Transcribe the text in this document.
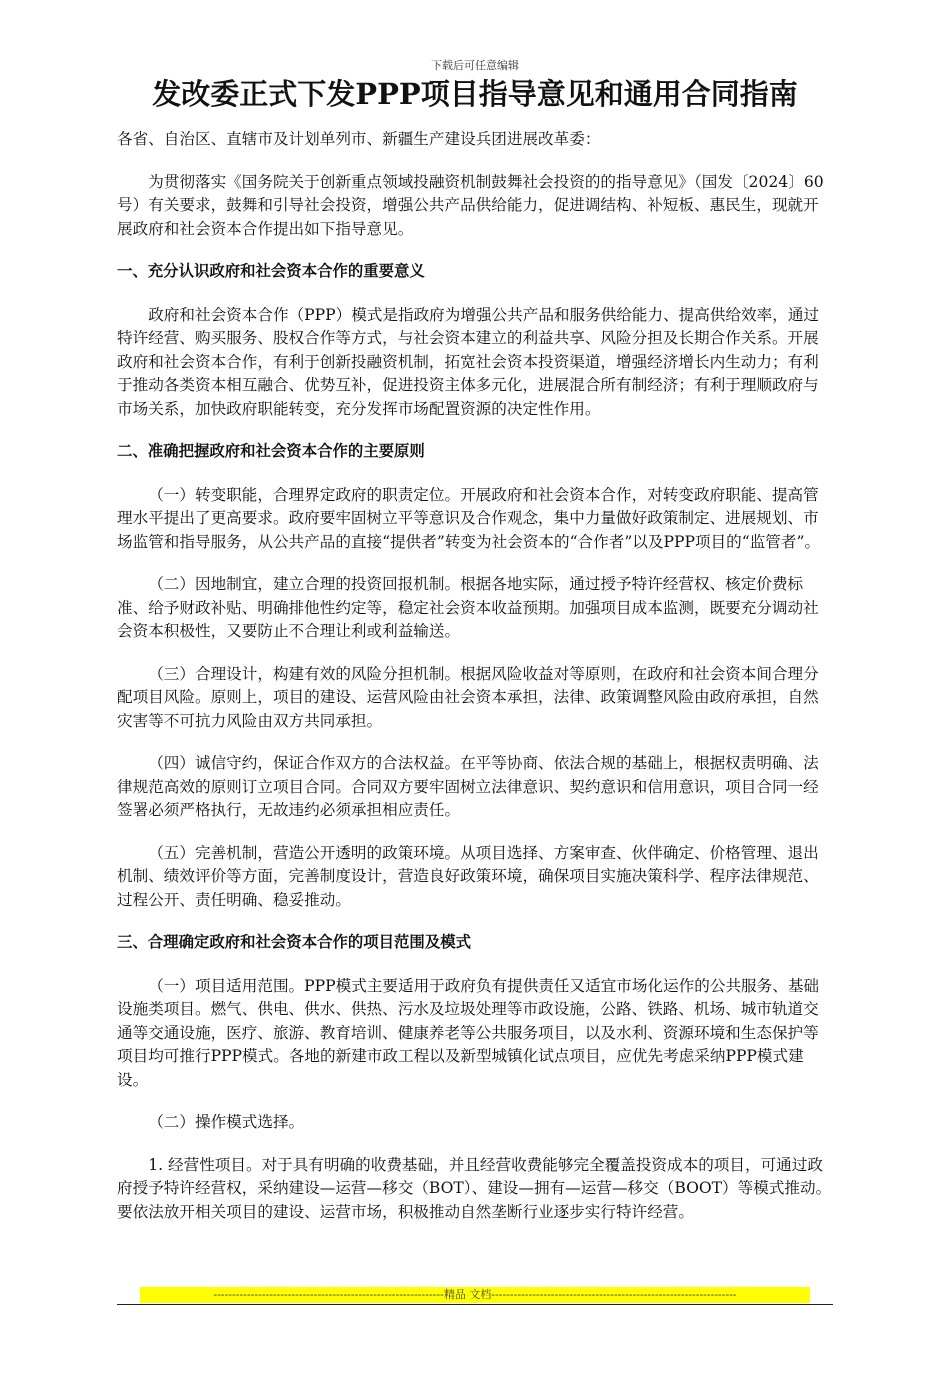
下载后可任意编辑
发改委正式下发PPP项目指导意见和通用合同指南

各省、自治区、直辖市及计划单列市、新疆生产建设兵团进展改革委：

为贯彻落实《国务院关于创新重点领域投融资机制鼓舞社会投资的的指导意见》（国发〔2024〕60号）有关要求，鼓舞和引导社会投资，增强公共产品供给能力，促进调结构、补短板、惠民生，现就开展政府和社会资本合作提出如下指导意见。

一、充分认识政府和社会资本合作的重要意义

政府和社会资本合作（PPP）模式是指政府为增强公共产品和服务供给能力、提高供给效率，通过特许经营、购买服务、股权合作等方式，与社会资本建立的利益共享、风险分担及长期合作关系。开展政府和社会资本合作，有利于创新投融资机制，拓宽社会资本投资渠道，增强经济增长内生动力；有利于推动各类资本相互融合、优势互补，促进投资主体多元化，进展混合所有制经济；有利于理顺政府与市场关系，加快政府职能转变，充分发挥市场配置资源的决定性作用。

二、准确把握政府和社会资本合作的主要原则

（一）转变职能，合理界定政府的职责定位。开展政府和社会资本合作，对转变政府职能、提高管理水平提出了更高要求。政府要牢固树立平等意识及合作观念，集中力量做好政策制定、进展规划、市场监管和指导服务，从公共产品的直接“提供者”转变为社会资本的“合作者”以及PPP项目的“监管者”。

（二）因地制宜，建立合理的投资回报机制。根据各地实际，通过授予特许经营权、核定价费标准、给予财政补贴、明确排他性约定等，稳定社会资本收益预期。加强项目成本监测，既要充分调动社会资本积极性，又要防止不合理让利或利益输送。

（三）合理设计，构建有效的风险分担机制。根据风险收益对等原则，在政府和社会资本间合理分配项目风险。原则上，项目的建设、运营风险由社会资本承担，法律、政策调整风险由政府承担，自然灾害等不可抗力风险由双方共同承担。

（四）诚信守约，保证合作双方的合法权益。在平等协商、依法合规的基础上，根据权责明确、法律规范高效的原则订立项目合同。合同双方要牢固树立法律意识、契约意识和信用意识，项目合同一经签署必须严格执行，无故违约必须承担相应责任。

（五）完善机制，营造公开透明的政策环境。从项目选择、方案审查、伙伴确定、价格管理、退出机制、绩效评价等方面，完善制度设计，营造良好政策环境，确保项目实施决策科学、程序法律规范、过程公开、责任明确、稳妥推动。

三、合理确定政府和社会资本合作的项目范围及模式

（一）项目适用范围。PPP模式主要适用于政府负有提供责任又适宜市场化运作的公共服务、基础设施类项目。燃气、供电、供水、供热、污水及垃圾处理等市政设施，公路、铁路、机场、城市轨道交通等交通设施，医疗、旅游、教育培训、健康养老等公共服务项目，以及水利、资源环境和生态保护等项目均可推行PPP模式。各地的新建市政工程以及新型城镇化试点项目，应优先考虑采纳PPP模式建设。

（二）操作模式选择。

1. 经营性项目。对于具有明确的收费基础，并且经营收费能够完全覆盖投资成本的项目，可通过政府授予特许经营权，采纳建设—运营—移交（BOT）、建设—拥有—运营—移交（BOOT）等模式推动。要依法放开相关项目的建设、运营市场，积极推动自然垄断行业逐步实行特许经营。

--------------------------------------------------------------精品 文档------------------------------------------------------------------
